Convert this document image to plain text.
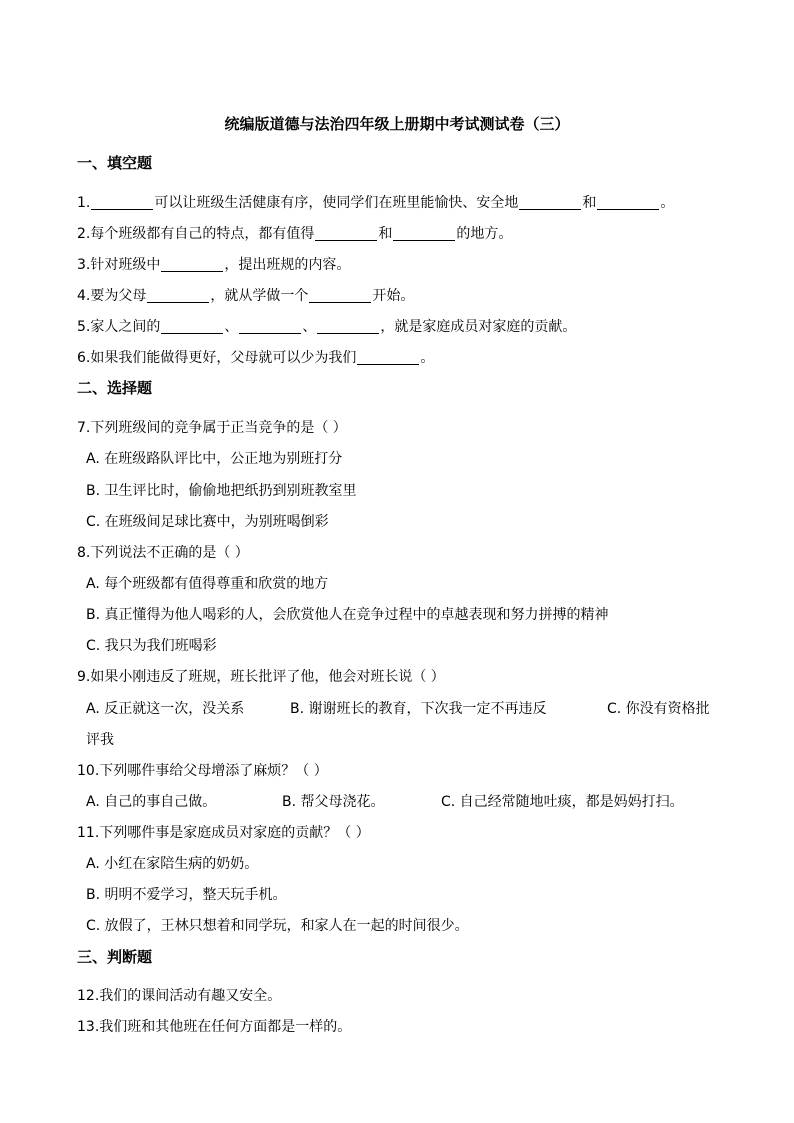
统编版道德与法治四年级上册期中考试测试卷（三）
一、填空题
1.	可以让班级生活健康有序，使同学们在班里能愉快、安全地	和	。
2.每个班级都有自己的特点，都有值得	和	的地方。
3.针对班级中	，提出班规的内容。
4.要为父母	，就从学做一个	开始。
5.家人之间的	、	、	，就是家庭成员对家庭的贡献。
6.如果我们能做得更好，父母就可以少为我们	。
二、选择题
7.下列班级间的竞争属于正当竞争的是（ ）
A. 在班级路队评比中，公正地为别班打分
B. 卫生评比时，偷偷地把纸扔到别班教室里
C. 在班级间足球比赛中，为别班喝倒彩
8.下列说法不正确的是（ ）
A. 每个班级都有值得尊重和欣赏的地方
B. 真正懂得为他人喝彩的人，会欣赏他人在竞争过程中的卓越表现和努力拼搏的精神
C. 我只为我们班喝彩
9.如果小刚违反了班规，班长批评了他，他会对班长说（ ）
A. 反正就这一次，没关系	B. 谢谢班长的教育，下次我一定不再违反	C. 你没有资格批
评我
10.下列哪件事给父母增添了麻烦？（ ）
A. 自己的事自己做。	B. 帮父母浇花。	C. 自己经常随地吐痰，都是妈妈打扫。
11.下列哪件事是家庭成员对家庭的贡献？（ ）
A. 小红在家陪生病的奶奶。
B. 明明不爱学习，整天玩手机。
C. 放假了，王林只想着和同学玩，和家人在一起的时间很少。
三、判断题
12.我们的课间活动有趣又安全。
13.我们班和其他班在任何方面都是一样的。
